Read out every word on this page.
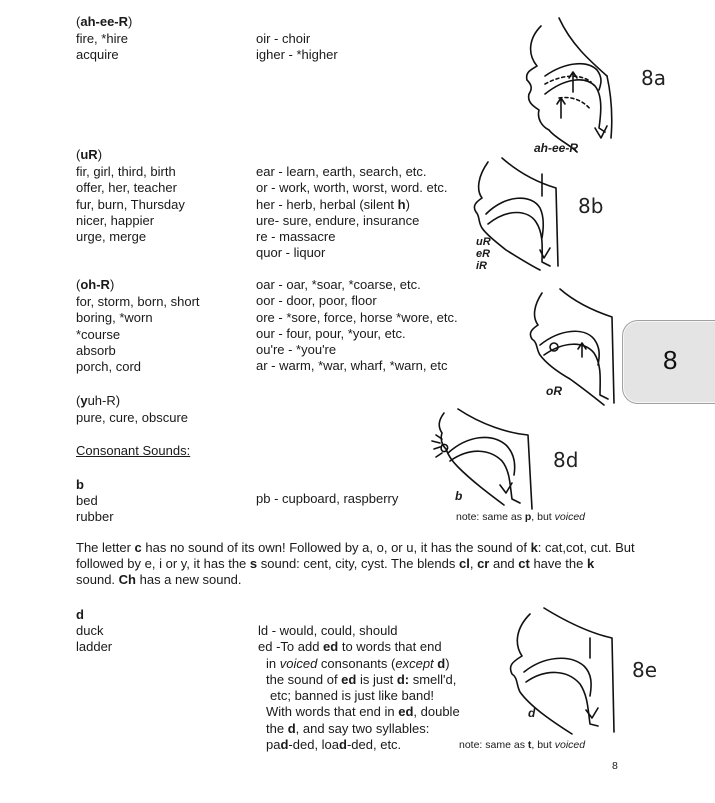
(ah-ee-R)
fire, *hire
acquire
oir - choir
igher - *higher
(uR)
fir, girl, third, birth
offer, her, teacher
fur, burn, Thursday
nicer, happier
urge, merge
ear - learn, earth, search, etc.
or - work, worth, worst, word. etc.
her - herb, herbal (silent h)
ure- sure, endure, insurance
re - massacre
quor - liquor
(oh-R)
for, storm, born, short
boring, *worn
*course
absorb
porch, cord
oar - oar, *soar, *coarse, etc.
oor - door, poor, floor
ore - *sore, force, horse *wore, etc.
our - four, pour, *your, etc.
ou're - *you're
ar - warm, *war, wharf, *warn, etc
(yuh-R)
pure, cure, obscure
Consonant Sounds:
b
bed
rubber
pb - cupboard, raspberry
note: same as p, but voiced
The letter c has no sound of its own! Followed by a, o, or u, it has the sound of k: cat,cot, cut. But followed by e, i or y, it has the s sound: cent, city, cyst. The blends cl, cr and ct have the k sound. Ch has a new sound.
d
duck
ladder
ld - would, could, should
ed -To add ed to words that end
in voiced consonants (except d)
the sound of ed is just d: smell'd,
etc; banned is just like band!
With words that end in ed, double
the d, and say two syllables:
pad-ded, load-ded, etc.	note: same as t, but voiced
8
ah-ee-R
8a
uR
eR
iR
8b
oR
b
8d
d
8e
8
